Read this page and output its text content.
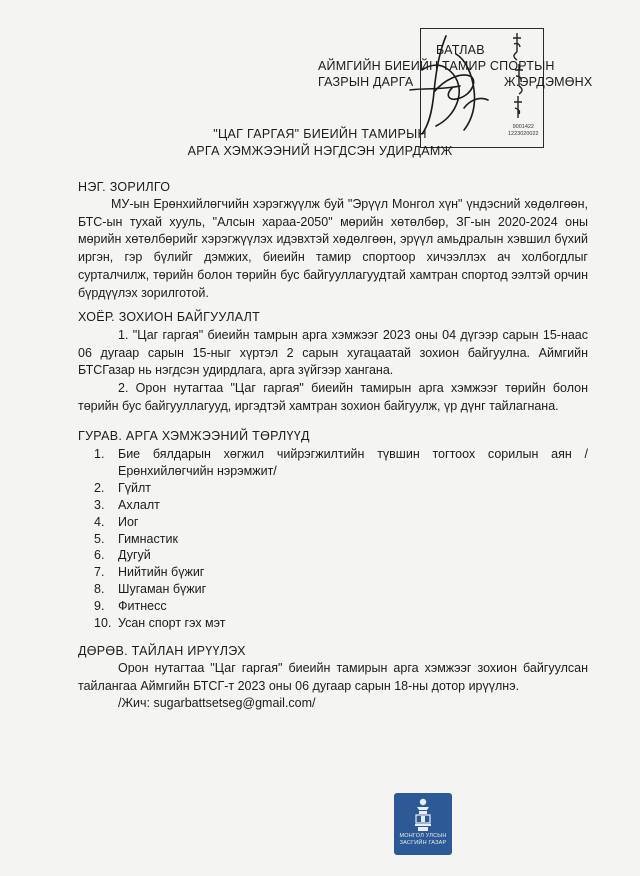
БАТЛАВ
АЙМГИЙН БИЕИЙН ТАМИР СПОРТЫН
ГАЗРЫН ДАРГА	Ж.ЭРДЭМӨНХ
9001422
1223020022
"ЦАГ ГАРГАЯ" БИЕИЙН ТАМИРЫН
АРГА ХЭМЖЭЭНИЙ НЭГДСЭН УДИРДАМЖ
НЭГ. ЗОРИЛГО
МУ-ын Ерөнхийлөгчийн хэрэгжүүлж буй "Эрүүл Монгол хүн" үндэсний хөдөлгөөн, БТС-ын тухай хууль, "Алсын хараа-2050" мөрийн хөтөлбөр, ЗГ-ын 2020-2024 оны мөрийн хөтөлбөрийг хэрэгжүүлэх идэвхтэй хөдөлгөөн, эрүүл амьдралын хэвшил бүхий иргэн, гэр бүлийг дэмжих, биеийн тамир спортоор хичээллэх ач холбогдлыг сурталчилж, төрийн болон төрийн бус байгууллагуудтай хамтран спортод ээлтэй орчин бүрдүүлэх зорилготой.
ХОЁР. ЗОХИОН БАЙГУУЛАЛТ
1. "Цаг гаргая" биеийн тамрын арга хэмжээг 2023 оны 04 дүгээр сарын 15-наас 06 дугаар сарын 15-ныг хүртэл 2 сарын хугацаатай зохион байгуулна. Аймгийн БТСГазар нь нэгдсэн удирдлага, арга зүйгээр хангана.
2. Орон нутагтаа "Цаг гаргая" биеийн тамирын арга хэмжээг төрийн болон төрийн бус байгууллагууд, иргэдтэй хамтран зохион байгуулж, үр дүнг тайлагнана.
ГУРАВ. АРГА ХЭМЖЭЭНИЙ ТӨРЛҮҮД
1.	Бие бялдарын хөгжил чийрэгжилтийн түвшин тогтоох сорилын аян /Ерөнхийлөгчийн нэрэмжит/
2.	Гүйлт
3.	Ахлалт
4.	Иог
5.	Гимнастик
6.	Дугуй
7.	Нийтийн бүжиг
8.	Шугаман бүжиг
9.	Фитнесс
10. Усан спорт гэх мэт
ДӨРӨВ. ТАЙЛАН ИРҮҮЛЭХ
Орон нутагтаа "Цаг гаргая" биеийн тамирын арга хэмжээг зохион байгуулсан тайлангаа Аймгийн БТСГ-т 2023 оны 06 дугаар сарын 18-ны дотор ирүүлнэ.
/Жич: sugarbattsetseg@gmail.com/
МОНГОЛ УЛСЫН
ЗАСГИЙН ГАЗАР
